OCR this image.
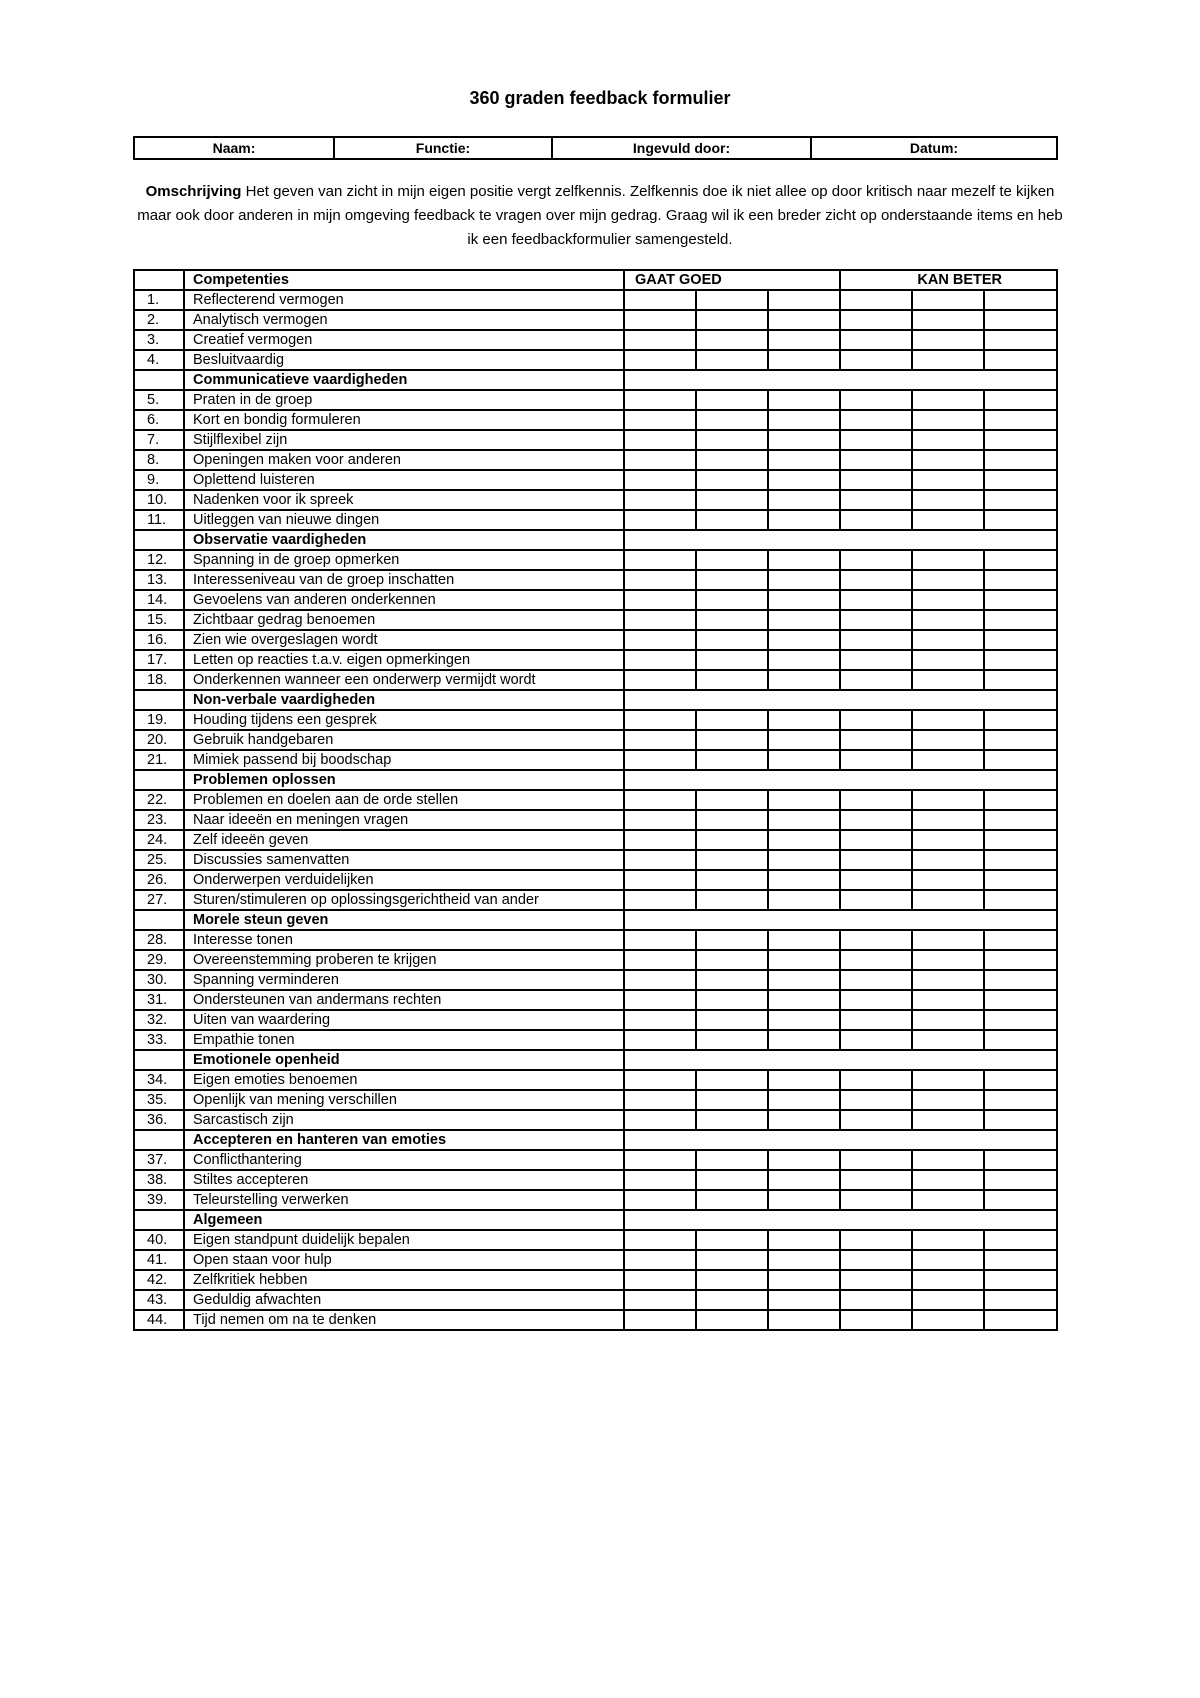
360 graden feedback formulier
Naam:	Functie:	Ingevuld door:	Datum:
Omschrijving Het geven van zicht in mijn eigen positie vergt zelfkennis. Zelfkennis doe ik niet allee op door kritisch naar mezelf te kijken maar ook door anderen in mijn omgeving feedback te vragen over mijn gedrag. Graag wil ik een breder zicht op onderstaande items en heb ik een feedbackformulier samengesteld.
	Competenties	GAAT GOED			KAN BETER		
1.	Reflecterend vermogen						
2.	Analytisch vermogen						
3.	Creatief vermogen						
4.	Besluitvaardig						
	Communicatieve vaardigheden						
5.	Praten in de groep						
6.	Kort en bondig formuleren						
7.	Stijlflexibel zijn						
8.	Openingen maken voor anderen						
9.	Oplettend luisteren						
10.	Nadenken voor ik spreek						
11.	Uitleggen van nieuwe dingen						
	Observatie vaardigheden						
12.	Spanning in de groep opmerken						
13.	Interesseniveau van de groep inschatten						
14.	Gevoelens van anderen onderkennen						
15.	Zichtbaar gedrag benoemen						
16.	Zien wie overgeslagen wordt						
17.	Letten op reacties t.a.v. eigen opmerkingen						
18.	Onderkennen wanneer een onderwerp vermijdt wordt						
	Non-verbale vaardigheden						
19.	Houding tijdens een gesprek						
20.	Gebruik handgebaren						
21.	Mimiek passend bij boodschap						
	Problemen oplossen						
22.	Problemen en doelen aan de orde stellen						
23.	Naar ideeën en meningen vragen						
24.	Zelf ideeën geven						
25.	Discussies samenvatten						
26.	Onderwerpen verduidelijken						
27.	Sturen/stimuleren op oplossingsgerichtheid van ander						
	Morele steun geven						
28.	Interesse tonen						
29.	Overeenstemming proberen te krijgen						
30.	Spanning verminderen						
31.	Ondersteunen van andermans rechten						
32.	Uiten van waardering						
33.	Empathie tonen						
	Emotionele openheid						
34.	Eigen emoties benoemen						
35.	Openlijk van mening verschillen						
36.	Sarcastisch zijn						
	Accepteren en hanteren van emoties						
37.	Conflicthantering						
38.	Stiltes accepteren						
39.	Teleurstelling verwerken						
	Algemeen						
40.	Eigen standpunt duidelijk bepalen						
41.	Open staan voor hulp						
42.	Zelfkritiek hebben						
43.	Geduldig afwachten						
44.	Tijd nemen om na te denken						
